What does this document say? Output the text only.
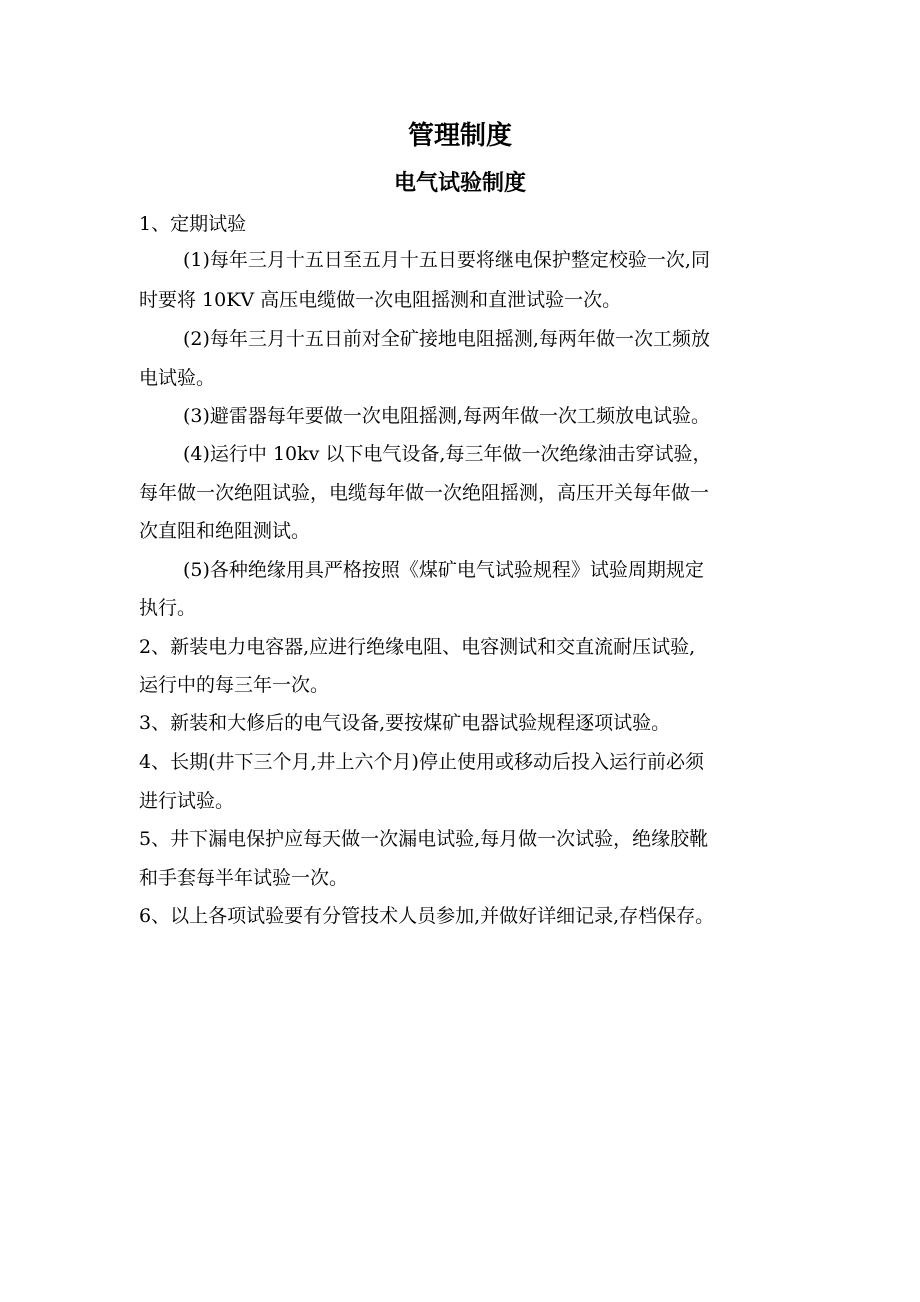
管理制度
电气试验制度
1、定期试验
(1)每年三月十五日至五月十五日要将继电保护整定校验一次,同
时要将 10KV 高压电缆做一次电阻摇测和直泄试验一次。
(2)每年三月十五日前对全矿接地电阻摇测,每两年做一次工频放
电试验。
(3)避雷器每年要做一次电阻摇测,每两年做一次工频放电试验。
(4)运行中 10kv 以下电气设备,每三年做一次绝缘油击穿试验，
每年做一次绝阻试验，电缆每年做一次绝阻摇测，高压开关每年做一
次直阻和绝阻测试。
(5)各种绝缘用具严格按照《煤矿电气试验规程》试验周期规定
执行。
2、新装电力电容器,应进行绝缘电阻、电容测试和交直流耐压试验,
运行中的每三年一次。
3、新装和大修后的电气设备,要按煤矿电器试验规程逐项试验。
4、长期(井下三个月,井上六个月)停止使用或移动后投入运行前必须
进行试验。
5、井下漏电保护应每天做一次漏电试验,每月做一次试验，绝缘胶靴
和手套每半年试验一次。
6、以上各项试验要有分管技术人员参加,并做好详细记录,存档保存。
